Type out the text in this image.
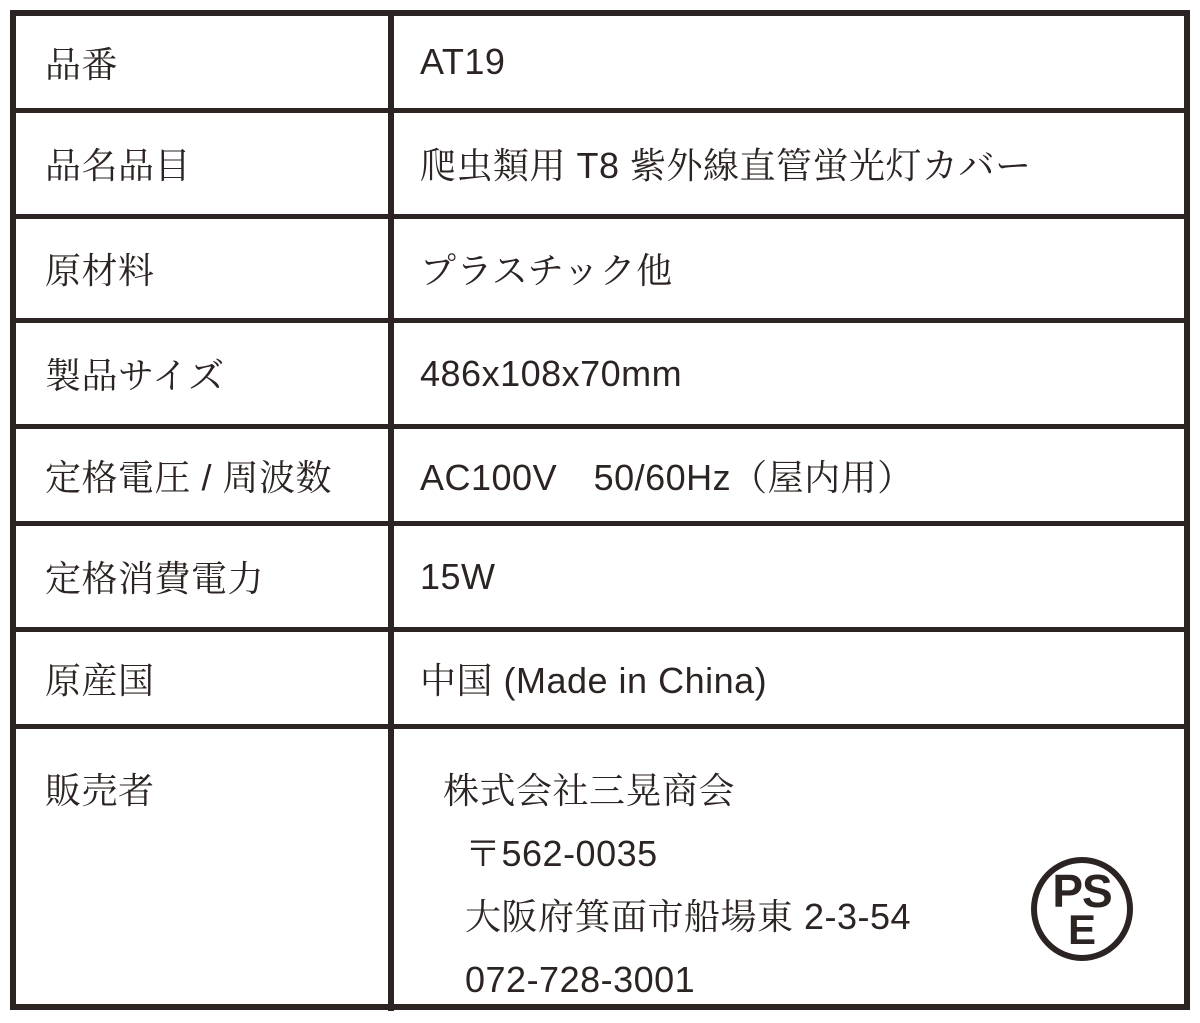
品番	AT19
品名品目	爬虫類用 T8 紫外線直管蛍光灯カバー
原材料	プラスチック他
製品サイズ	486x108x70mm
定格電圧 / 周波数	AC100V　50/60Hz（屋内用）
定格消費電力	15W
原産国	中国 (Made in China)
販売者	株式会社三晃商会
〒562-0035
大阪府箕面市船場東 2-3-54
072-728-3001
PS
E
